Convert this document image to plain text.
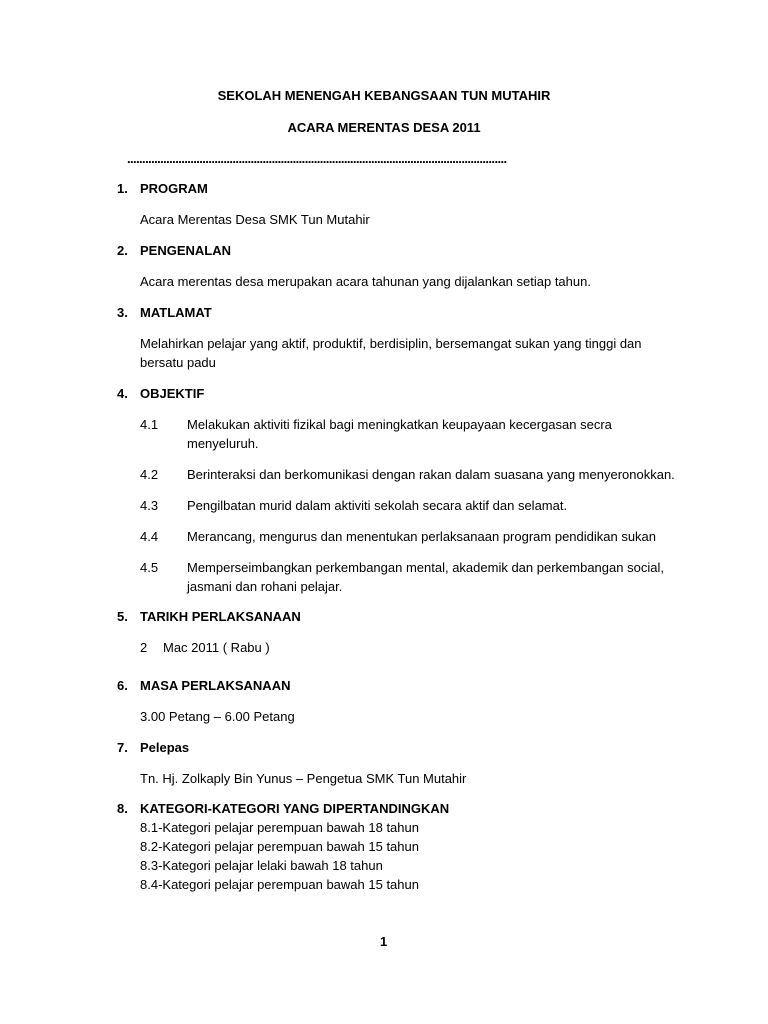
SEKOLAH MENENGAH KEBANGSAAN TUN MUTAHIR
ACARA MERENTAS DESA 2011
..............................................................................................................................
1. PROGRAM
Acara Merentas Desa SMK Tun Mutahir
2. PENGENALAN
Acara merentas desa merupakan acara tahunan yang dijalankan setiap tahun.
3. MATLAMAT
Melahirkan pelajar yang aktif, produktif, berdisiplin, bersemangat sukan yang tinggi dan
bersatu padu
4. OBJEKTIF
4.1 Melakukan aktiviti fizikal bagi meningkatkan keupayaan kecergasan secra
menyeluruh.
4.2 Berinteraksi dan berkomunikasi dengan rakan dalam suasana yang menyeronokkan.
4.3 Pengilbatan murid dalam aktiviti sekolah secara aktif dan selamat.
4.4 Merancang, mengurus dan menentukan perlaksanaan program pendidikan sukan
4.5 Memperseimbangkan perkembangan mental, akademik dan perkembangan social,
jasmani dan rohani pelajar.
5. TARIKH PERLAKSANAAN
2 Mac 2011 ( Rabu )
6. MASA PERLAKSANAAN
3.00 Petang – 6.00 Petang
7. Pelepas
Tn. Hj. Zolkaply Bin Yunus – Pengetua SMK Tun Mutahir
8. KATEGORI-KATEGORI YANG DIPERTANDINGKAN
8.1-Kategori pelajar perempuan bawah 18 tahun
8.2-Kategori pelajar perempuan bawah 15 tahun
8.3-Kategori pelajar lelaki bawah 18 tahun
8.4-Kategori pelajar perempuan bawah 15 tahun
1
